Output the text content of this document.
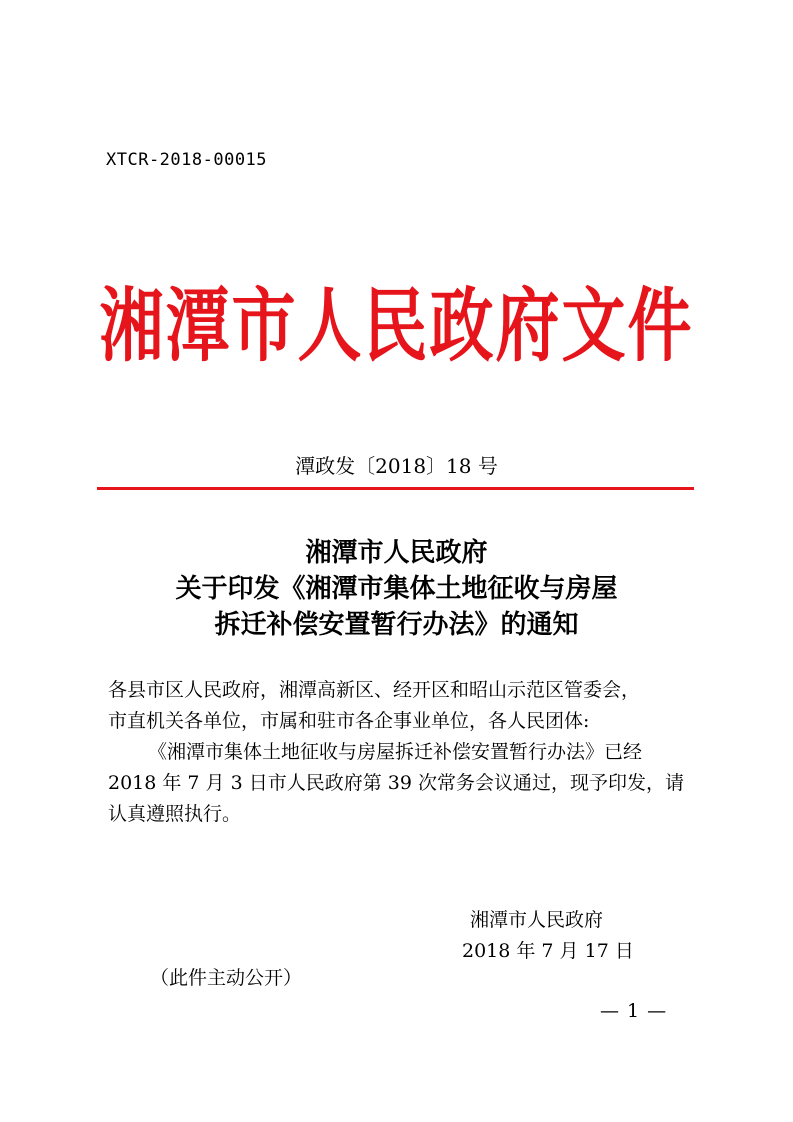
XTCR-2018-00015
湘潭市人民政府文件
潭政发〔2018〕18 号
湘潭市人民政府
关于印发《湘潭市集体土地征收与房屋
拆迁补偿安置暂行办法》的通知

各县市区人民政府，湘潭高新区、经开区和昭山示范区管委会，

市直机关各单位，市属和驻市各企事业单位，各人民团体:

《湘潭市集体土地征收与房屋拆迁补偿安置暂行办法》已经

2018 年 7 月 3 日市人民政府第 39 次常务会议通过，现予印发，请

认真遵照执行。

湘潭市人民政府
2018 年 7 月 17 日
（此件主动公开）
— 1 —
